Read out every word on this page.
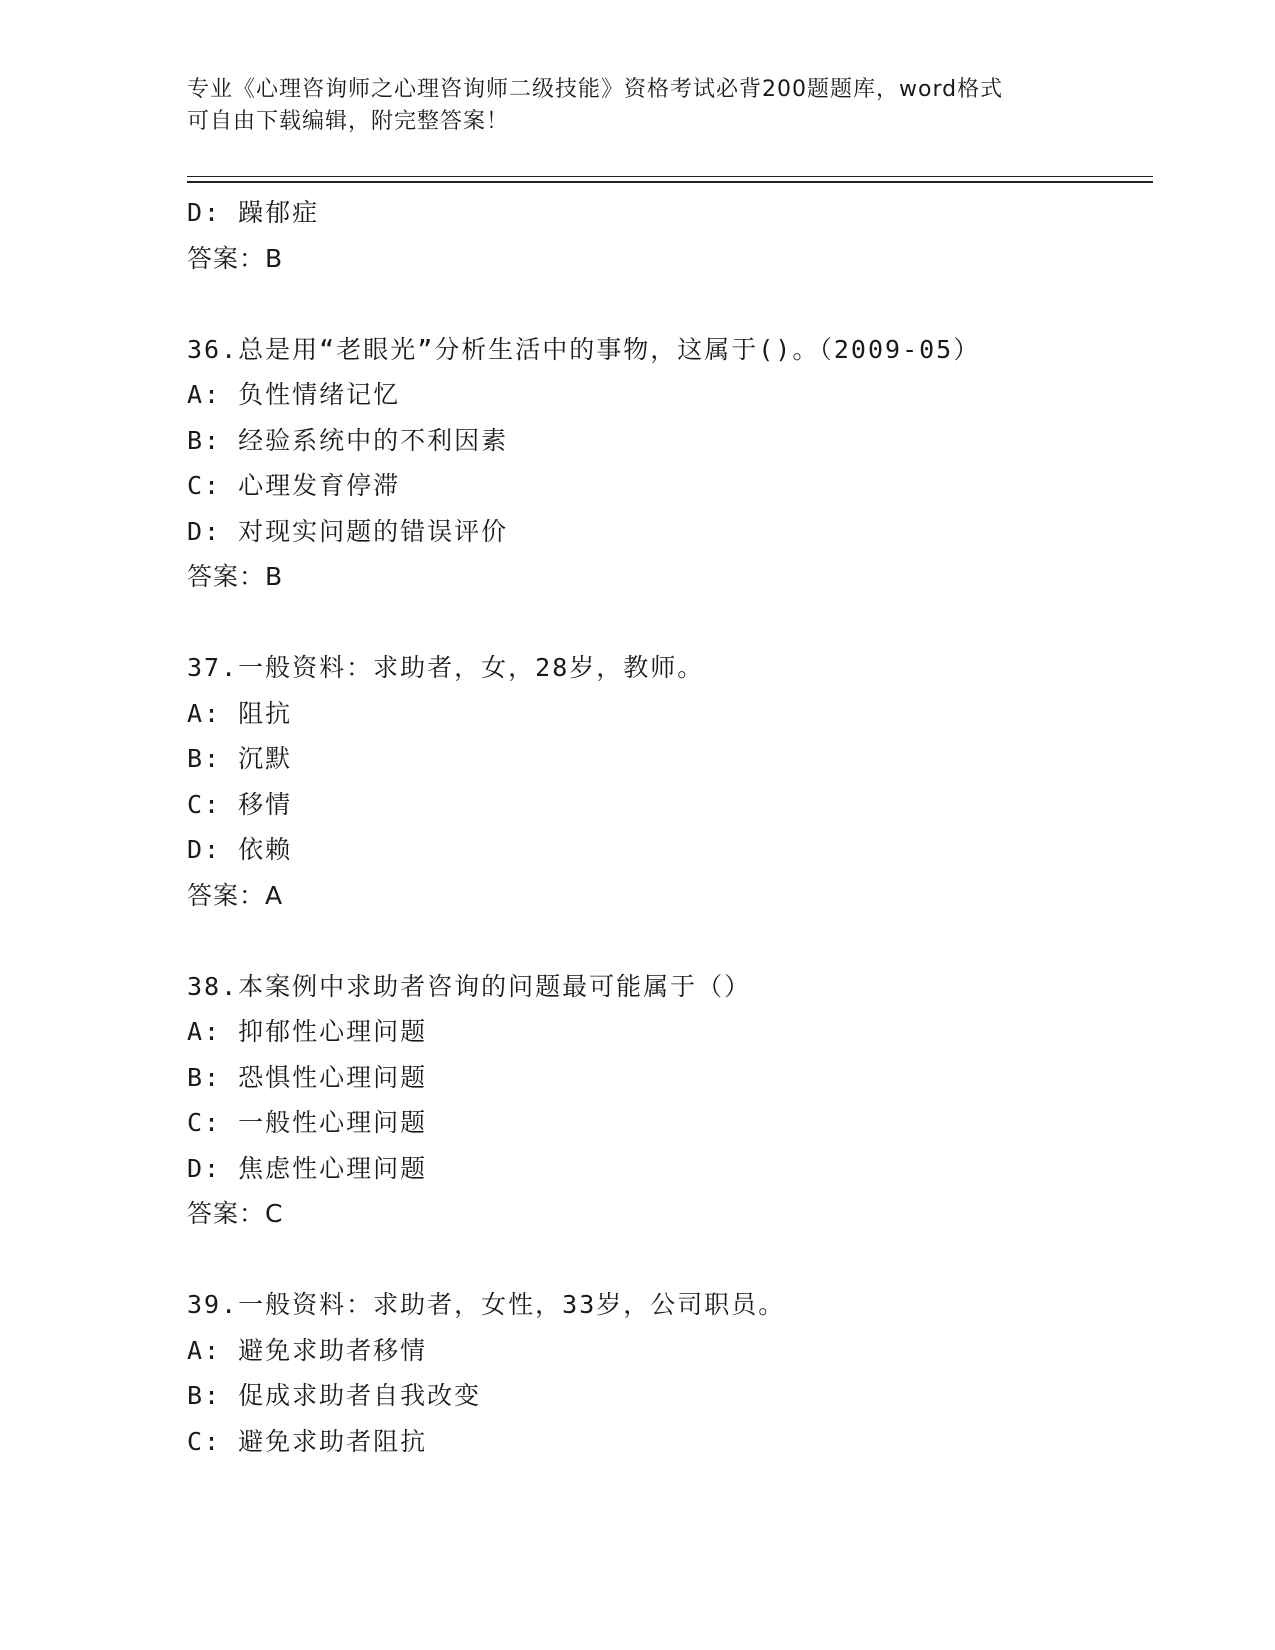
专业《心理咨询师之心理咨询师二级技能》资格考试必背200题题库，word格式
可自由下载编辑，附完整答案！
D: 躁郁症
答案：B
36.总是用“老眼光”分析生活中的事物，这属于()。（2009-05）
A: 负性情绪记忆
B: 经验系统中的不利因素
C: 心理发育停滞
D: 对现实问题的错误评价
答案：B
37.一般资料：求助者，女，28岁，教师。
A: 阻抗
B: 沉默
C: 移情
D: 依赖
答案：A
38.本案例中求助者咨询的问题最可能属于（）
A: 抑郁性心理问题
B: 恐惧性心理问题
C: 一般性心理问题
D: 焦虑性心理问题
答案：C
39.一般资料：求助者，女性，33岁，公司职员。
A: 避免求助者移情
B: 促成求助者自我改变
C: 避免求助者阻抗
